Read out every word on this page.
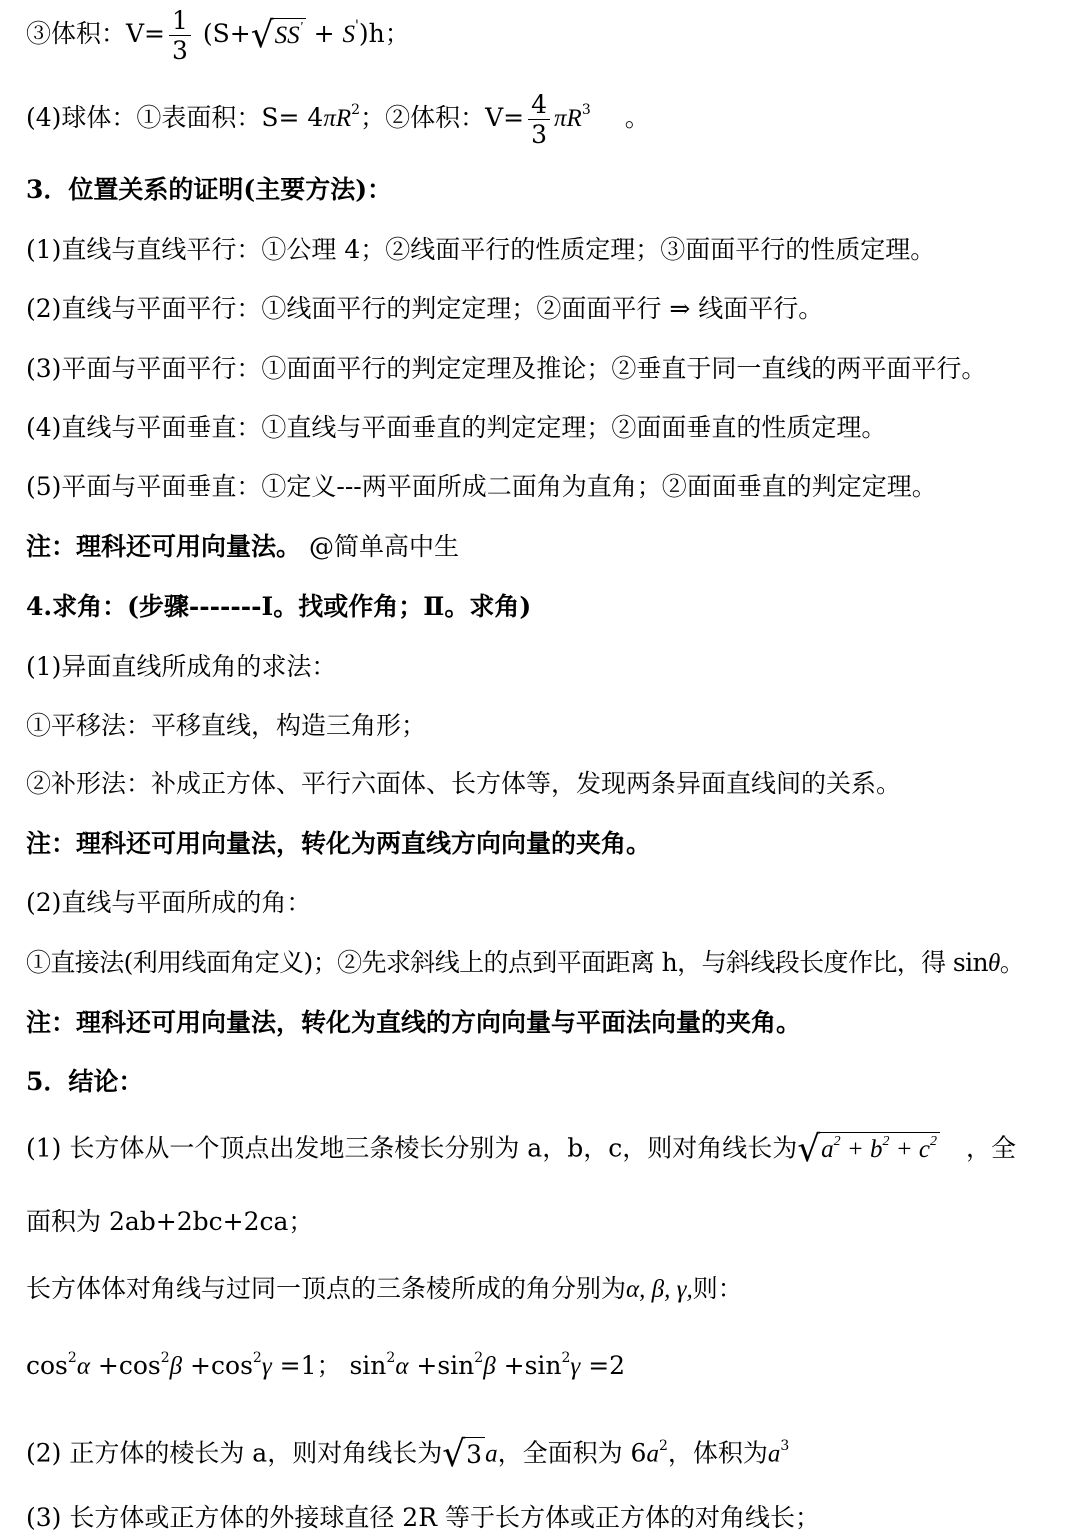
③体积：$V= \frac{1}{3} (S+$ √ SS' + S')h；
(4)球体：①表面积：$S= 4\pi R^2$；②体积：$V= \frac{4}{3} \pi R^3$ 。
3．位置关系的证明(主要方法)：
(1)直线与直线平行：①公理 4；②线面平行的性质定理；③面面平行的性质定理。
(2)直线与平面平行：①线面平行的判定定理；②面面平行 ⇒ 线面平行。
(3)平面与平面平行：①面面平行的判定定理及推论；②垂直于同一直线的两平面平行。
(4)直线与平面垂直：①直线与平面垂直的判定定理；②面面垂直的性质定理。
(5)平面与平面垂直：①定义---两平面所成二面角为直角；②面面垂直的判定定理。
注：理科还可用向量法。 @简单高中生
4.求角：(步骤-------Ⅰ。找或作角；Ⅱ。求角)
(1)异面直线所成角的求法：
①平移法：平移直线，构造三角形；
②补形法：补成正方体、平行六面体、长方体等，发现两条异面直线间的关系。
注：理科还可用向量法，转化为两直线方向向量的夹角。
(2)直线与平面所成的角：
①直接法(利用线面角定义)；②先求斜线上的点到平面距离 h，与斜线段长度作比，得 sinθ。
注：理科还可用向量法，转化为直线的方向向量与平面法向量的夹角。
5．结论：
(1) 长方体从一个顶点出发地三条棱长分别为 a，b，c，则对角线长为 √ $a^2 + b^2 + c^2$ ，全
面积为 2ab+2bc+2ca；
长方体体对角线与过同一顶点的三条棱所成的角分别为α, β, γ,则：
$\cos^2\alpha +\cos^2\beta +\cos^2\gamma =1$； $\sin^2\alpha +\sin^2\beta +\sin^2\gamma =2$
(2) 正方体的棱长为 a，则对角线长为 √ 3 a，全面积为 $6a^2$，体积为$a^3$
(3) 长方体或正方体的外接球直径 2R 等于长方体或正方体的对角线长；
